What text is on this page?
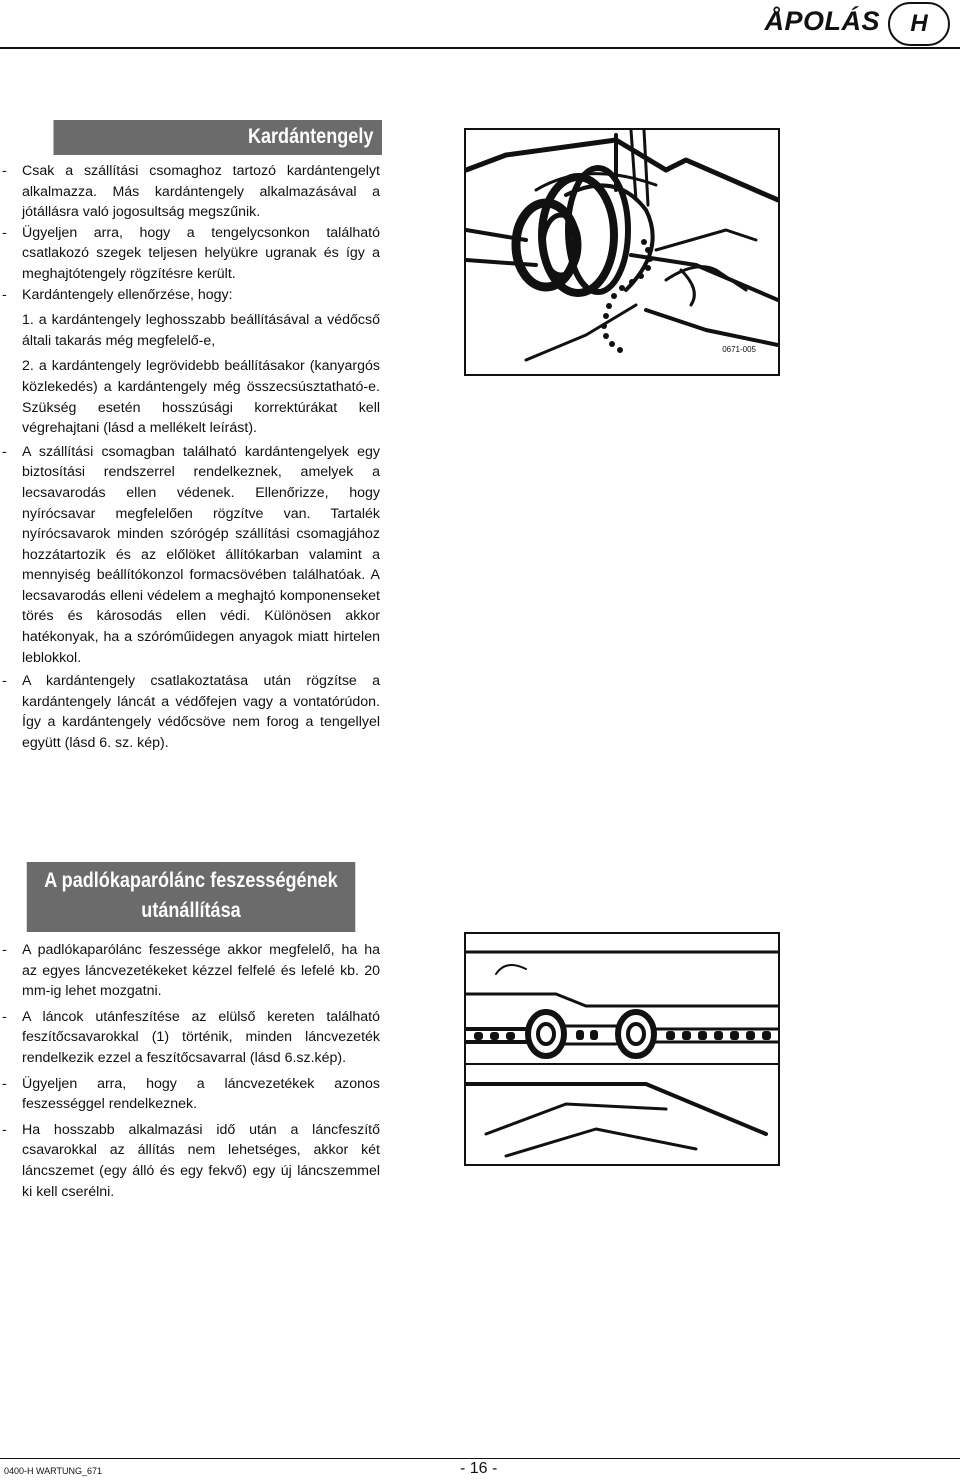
ÅPOLÁS	H
Kardántengely
- Csak a szállítási csomaghoz tartozó kardántengelyt alkalmazza. Más kardántengely alkalmazásával a jótállásra való jogosultság megszűnik.
- Ügyeljen arra, hogy a tengelycsonkon található csatlakozó szegek teljesen helyükre ugranak és így a meghajtótengely rögzítésre került.
- Kardántengely ellenőrzése, hogy:
1. a kardántengely leghosszabb beállításával a védőcső általi takarás még megfelelő-e,
2. a kardántengely legrövidebb beállításakor (kanyargós közlekedés) a kardántengely még összecsúsztatható-e. Szükség esetén hosszúsági korrektúrákat kell végrehajtani (lásd a mellékelt leírást).
- A szállítási csomagban található kardántengelyek egy biztosítási rendszerrel rendelkeznek, amelyek a lecsavarodás ellen védenek. Ellenőrizze, hogy nyírócsavar megfelelően rögzítve van. Tartalék nyírócsavarok minden szórógép szállítási csomagjához hozzátartozik és az előlöket állítókarban valamint a mennyiség beállítókonzol formacsövében találhatóak. A lecsavarodás elleni védelem a meghajtó komponenseket törés és károsodás ellen védi. Különösen akkor hatékonyak, ha a szóróműidegen anyagok miatt hirtelen leblokkol.
- A kardántengely csatlakoztatása után rögzítse a kardántengely láncát a védőfejen vagy a vontatórúdon. Így a kardántengely védőcsöve nem forog a tengellyel együtt (lásd 6. sz. kép).
A padlókaparólánc feszességének
utánállítása
- A padlókaparólánc feszessége akkor megfelelő, ha ha az egyes láncvezetékeket kézzel felfelé és lefelé kb. 20 mm-ig lehet mozgatni.
- A láncok utánfeszítése az elülső kereten található feszítőcsavarokkal (1) történik, minden láncvezeték rendelkezik ezzel a feszítőcsavarral (lásd 6.sz.kép).
- Ügyeljen arra, hogy a láncvezetékek azonos feszességgel rendelkeznek.
- Ha hosszabb alkalmazási idő után a láncfeszítő csavarokkal az állítás nem lehetséges, akkor két láncszemet (egy álló és egy fekvő) egy új láncszemmel ki kell cserélni.
0671-005
0400-H WARTUNG_671	- 16 -
